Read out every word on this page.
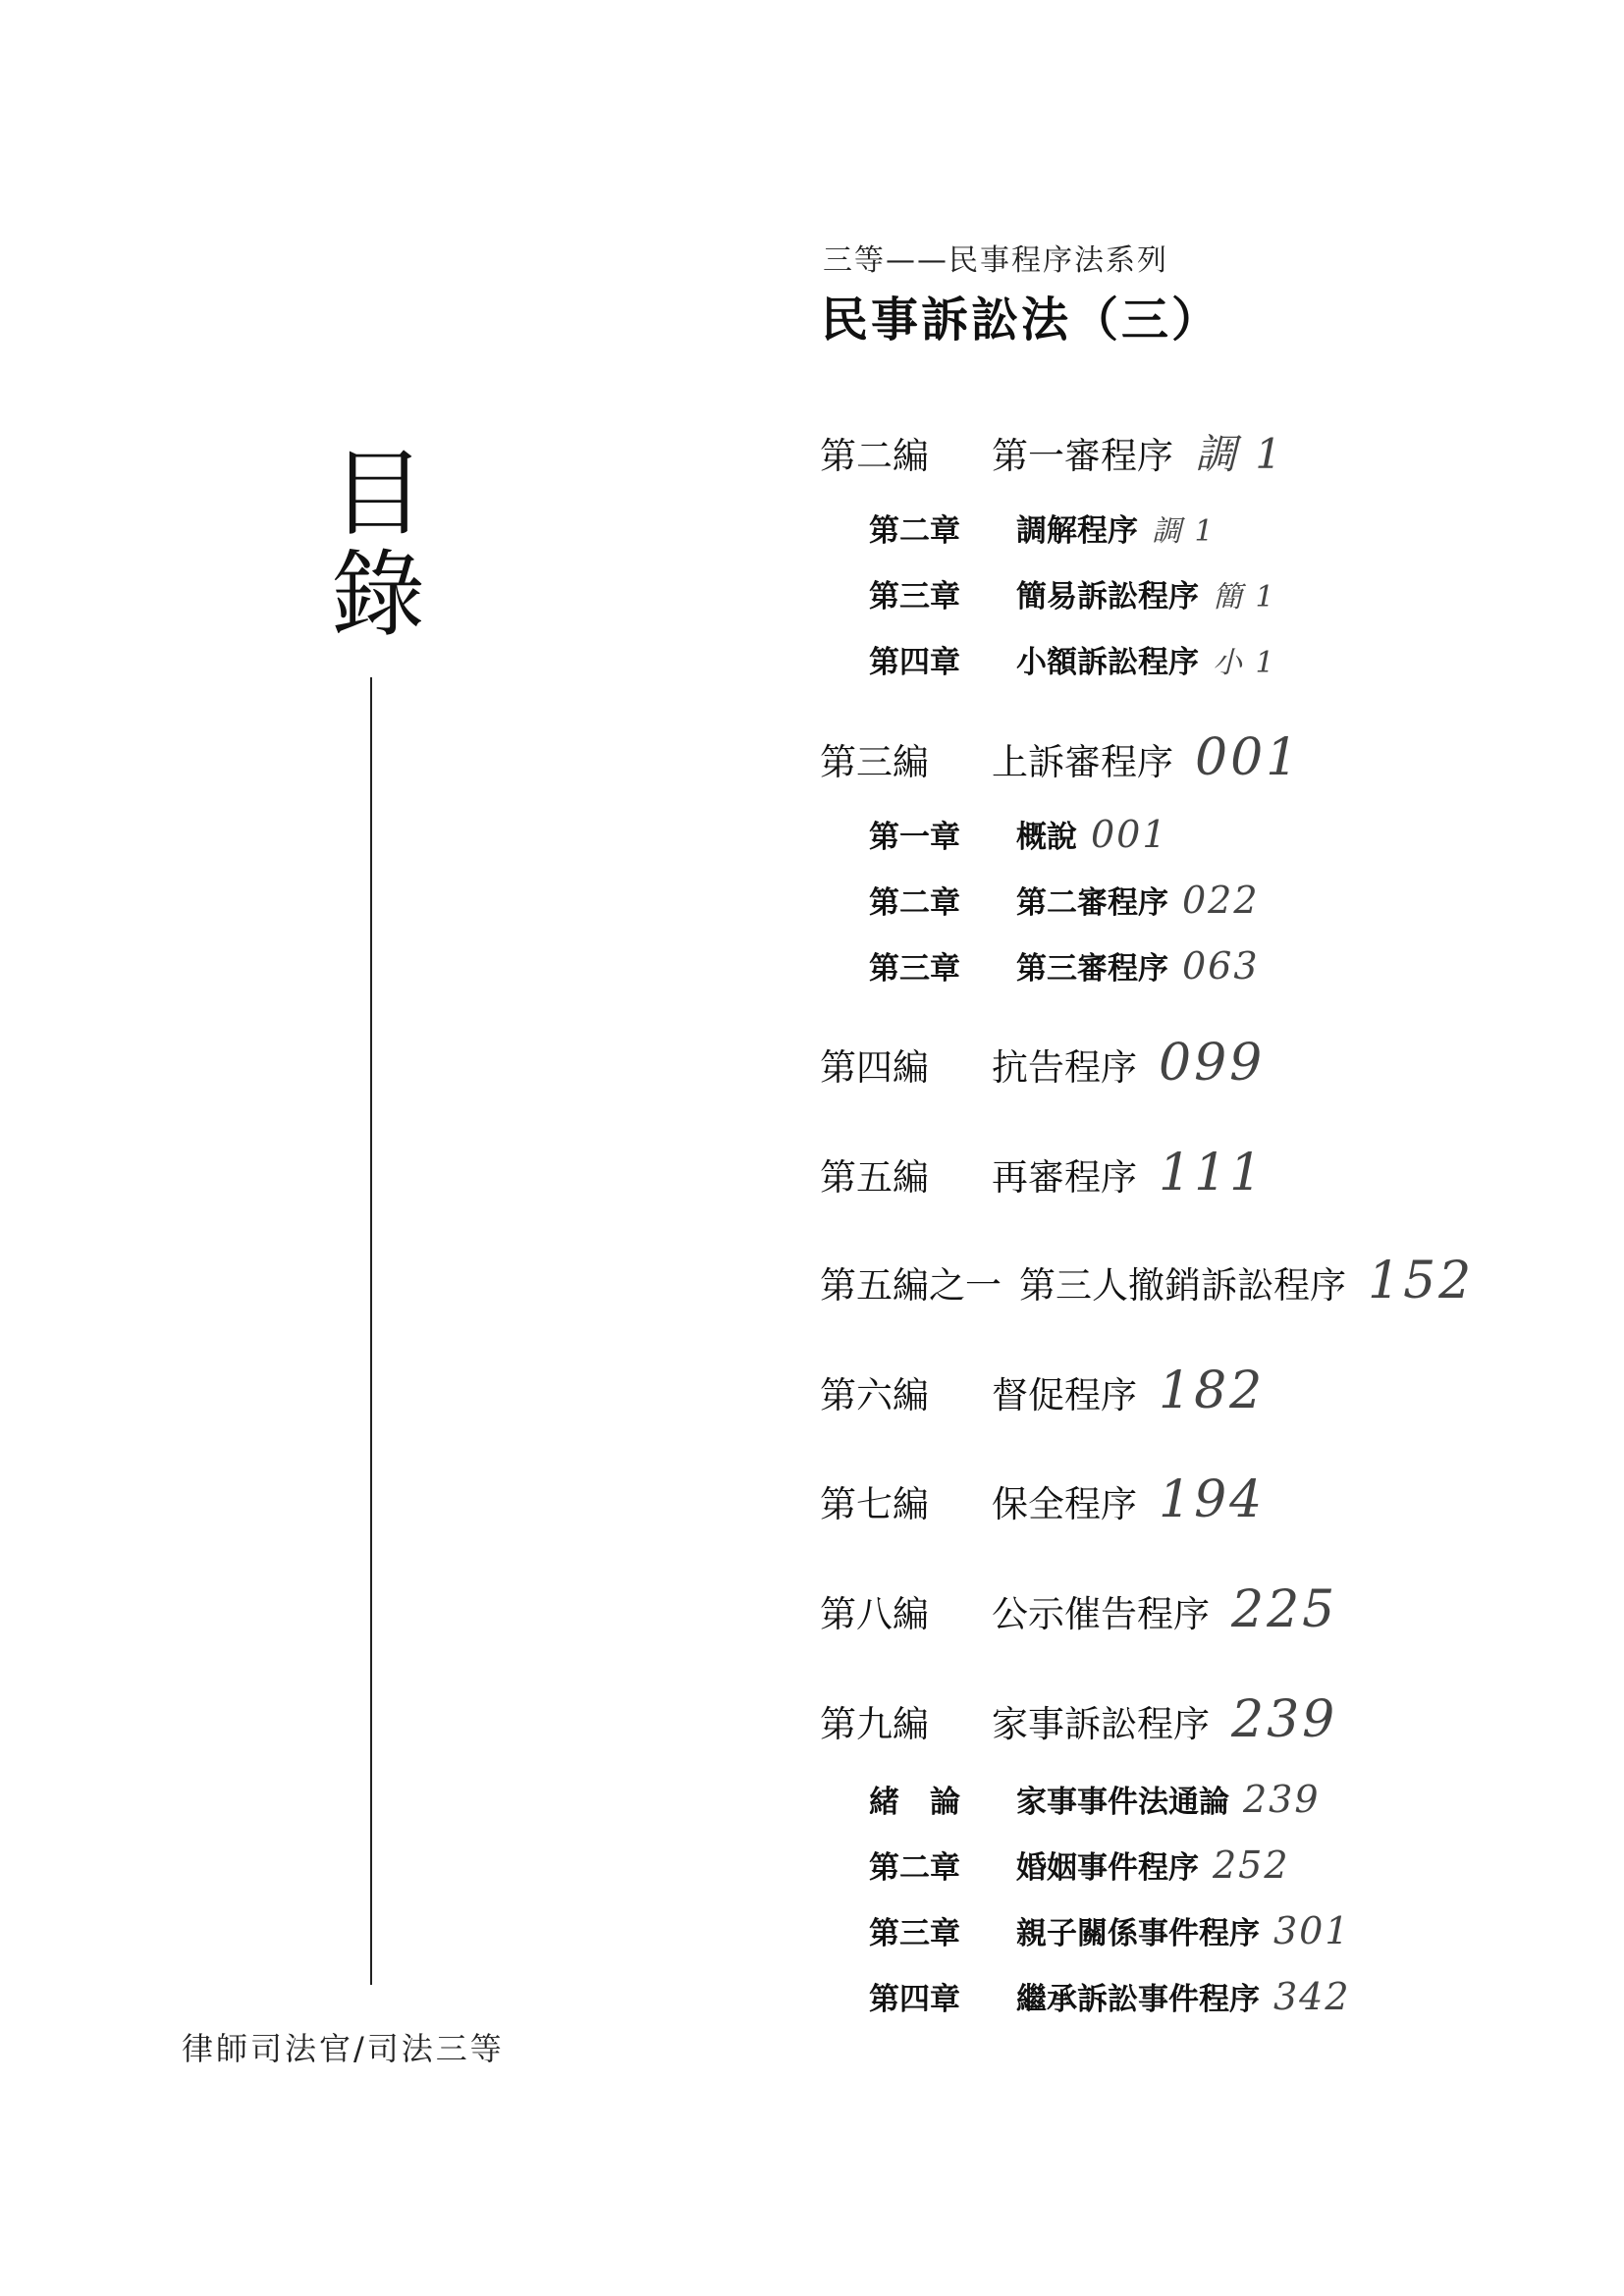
目
錄
律師司法官/司法三等
三等——民事程序法系列
民事訴訟法（三）
第二編	第一審程序 調 1
第二章	調解程序 調 1
第三章	簡易訴訟程序 簡 1
第四章	小額訴訟程序 小 1
第三編	上訴審程序 001
第一章	概說 001
第二章	第二審程序 022
第三章	第三審程序 063
第四編	抗告程序 099
第五編	再審程序 111
第五編之一 第三人撤銷訴訟程序 152
第六編	督促程序 182
第七編	保全程序 194
第八編	公示催告程序 225
第九編	家事訴訟程序 239
緒　論	家事事件法通論 239
第二章	婚姻事件程序 252
第三章	親子關係事件程序 301
第四章	繼承訴訟事件程序 342
